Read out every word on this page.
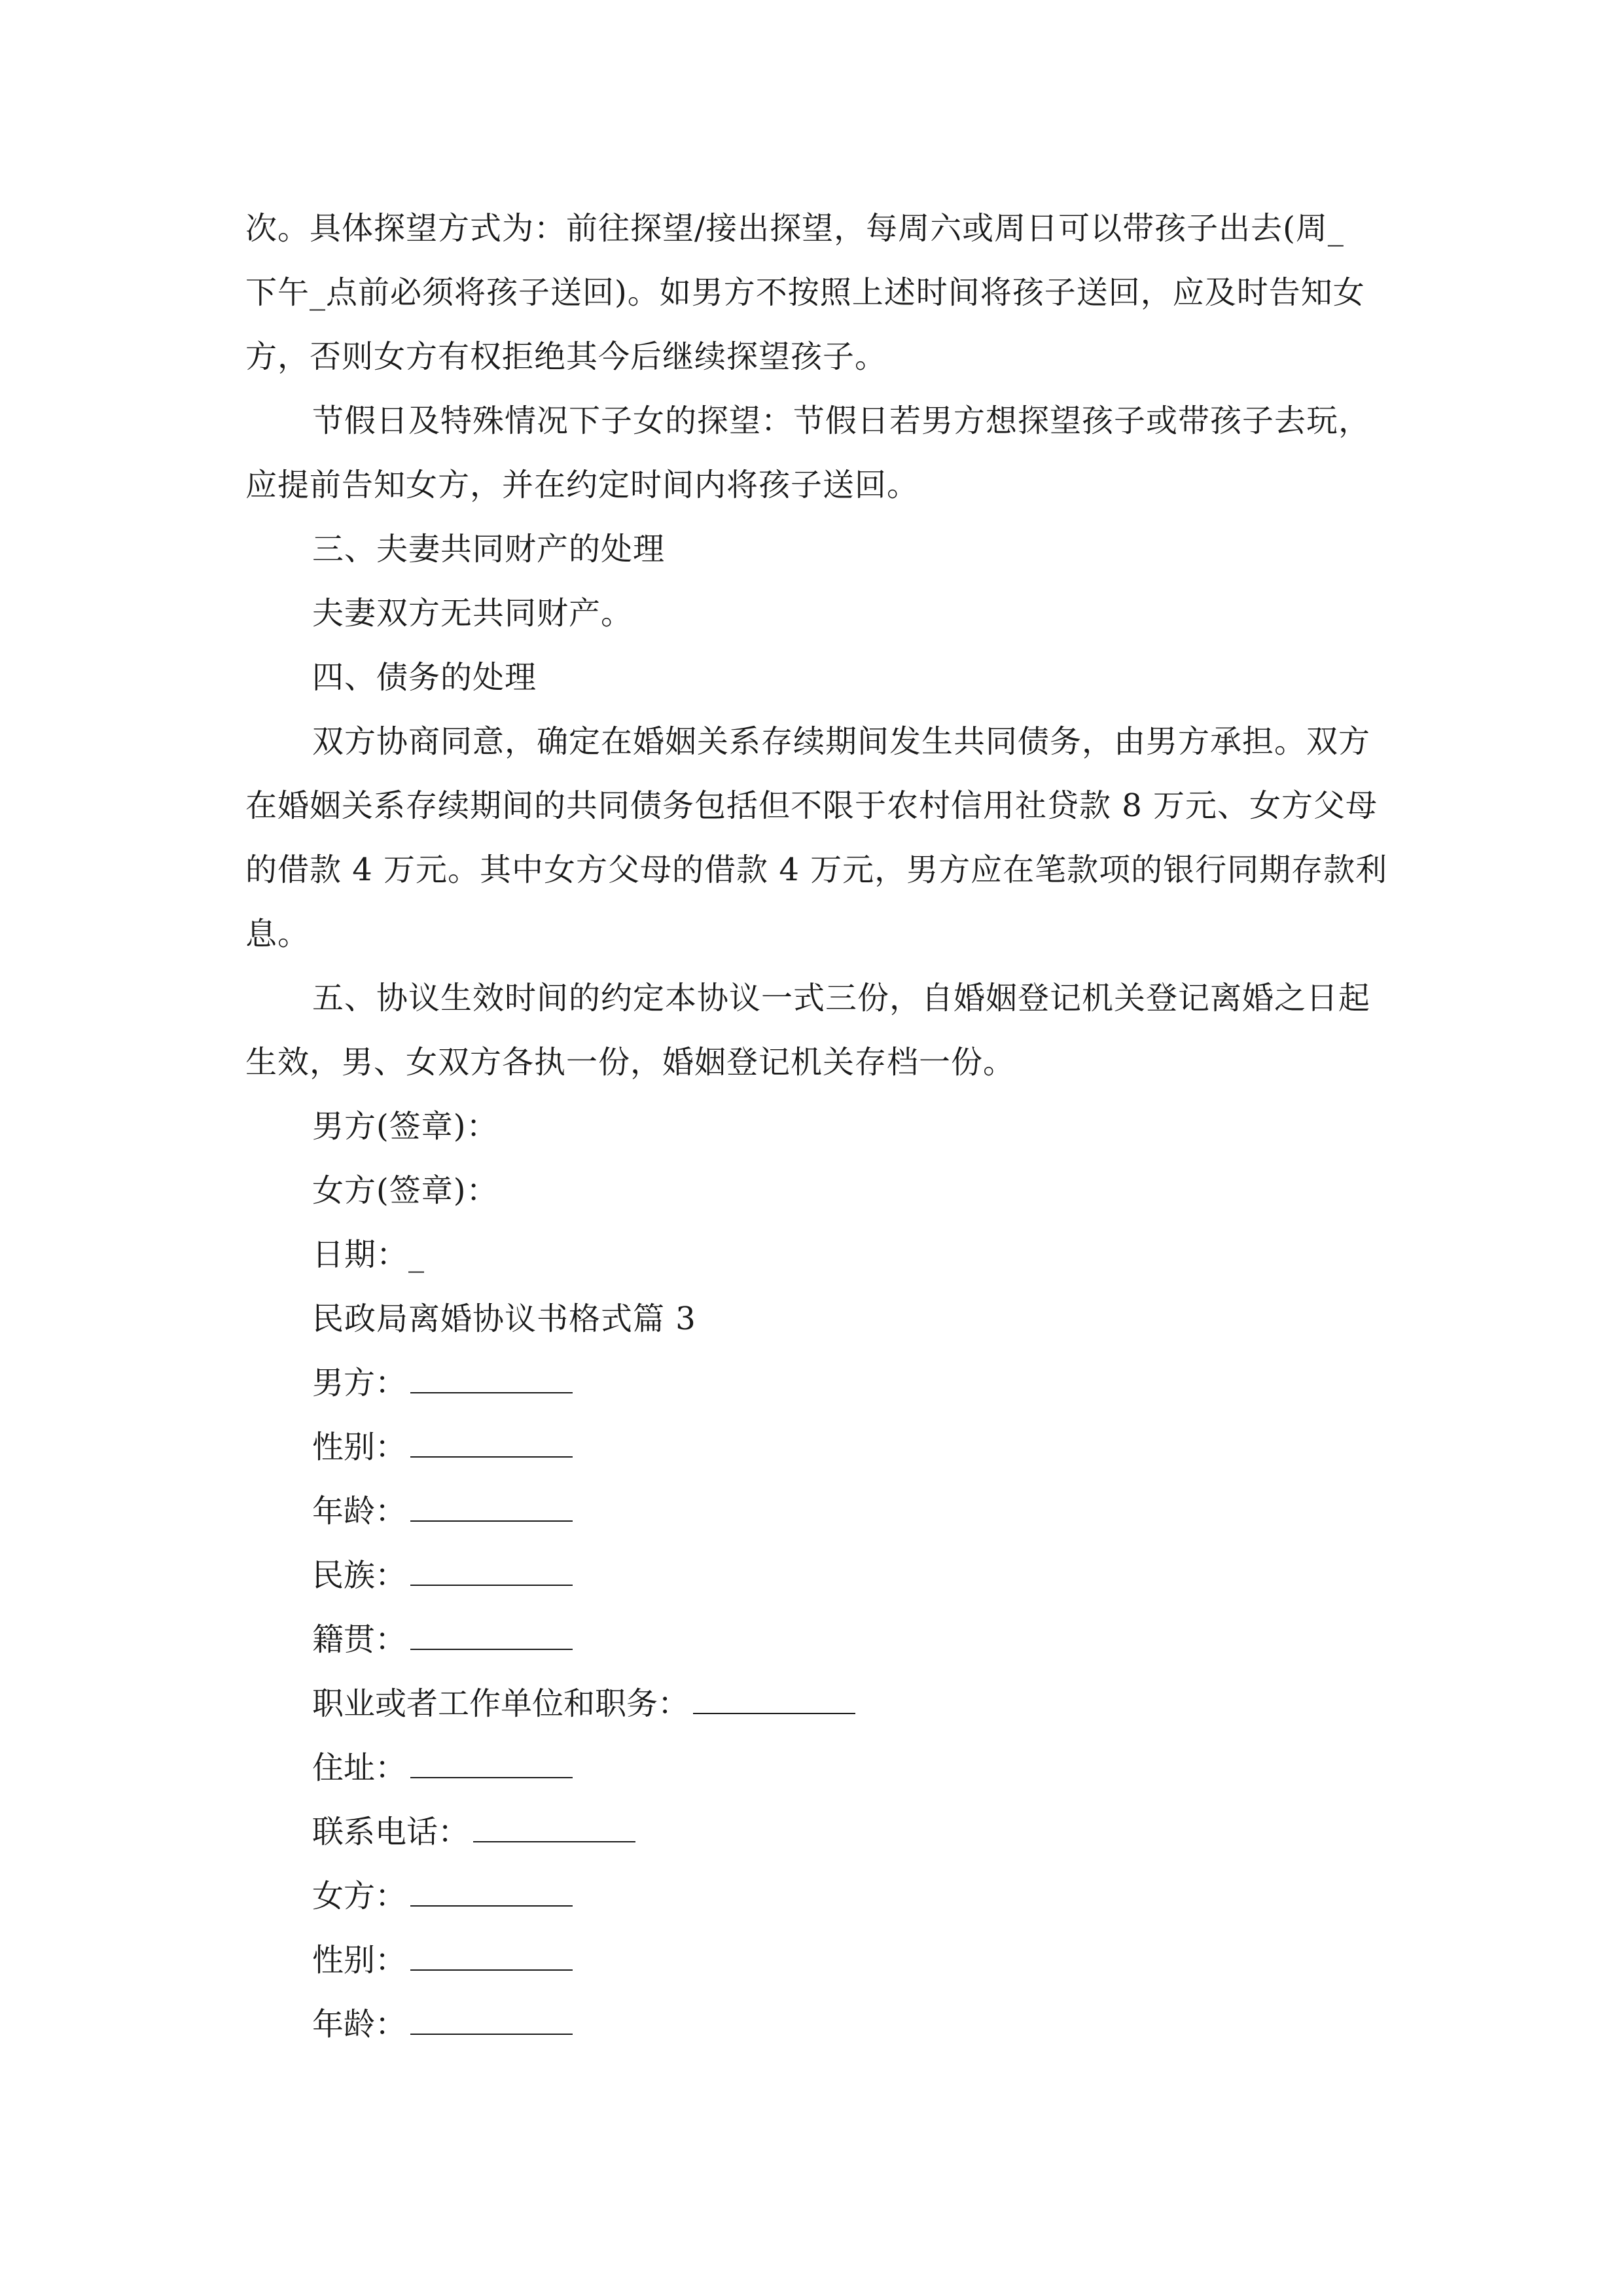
次。具体探望方式为：前往探望/接出探望，每周六或周日可以带孩子出去(周_
下午_点前必须将孩子送回)。如男方不按照上述时间将孩子送回，应及时告知女
方，否则女方有权拒绝其今后继续探望孩子。
节假日及特殊情况下子女的探望：节假日若男方想探望孩子或带孩子去玩，
应提前告知女方，并在约定时间内将孩子送回。
三、夫妻共同财产的处理
夫妻双方无共同财产。
四、债务的处理
双方协商同意，确定在婚姻关系存续期间发生共同债务，由男方承担。双方
在婚姻关系存续期间的共同债务包括但不限于农村信用社贷款 8 万元、女方父母
的借款 4 万元。其中女方父母的借款 4 万元，男方应在笔款项的银行同期存款利
息。
五、协议生效时间的约定本协议一式三份，自婚姻登记机关登记离婚之日起
生效，男、女双方各执一份，婚姻登记机关存档一份。
男方(签章)：
女方(签章)：
日期：_
民政局离婚协议书格式篇 3
男方：
性别：
年龄：
民族：
籍贯：
职业或者工作单位和职务：
住址：
联系电话：
女方：
性别：
年龄：
